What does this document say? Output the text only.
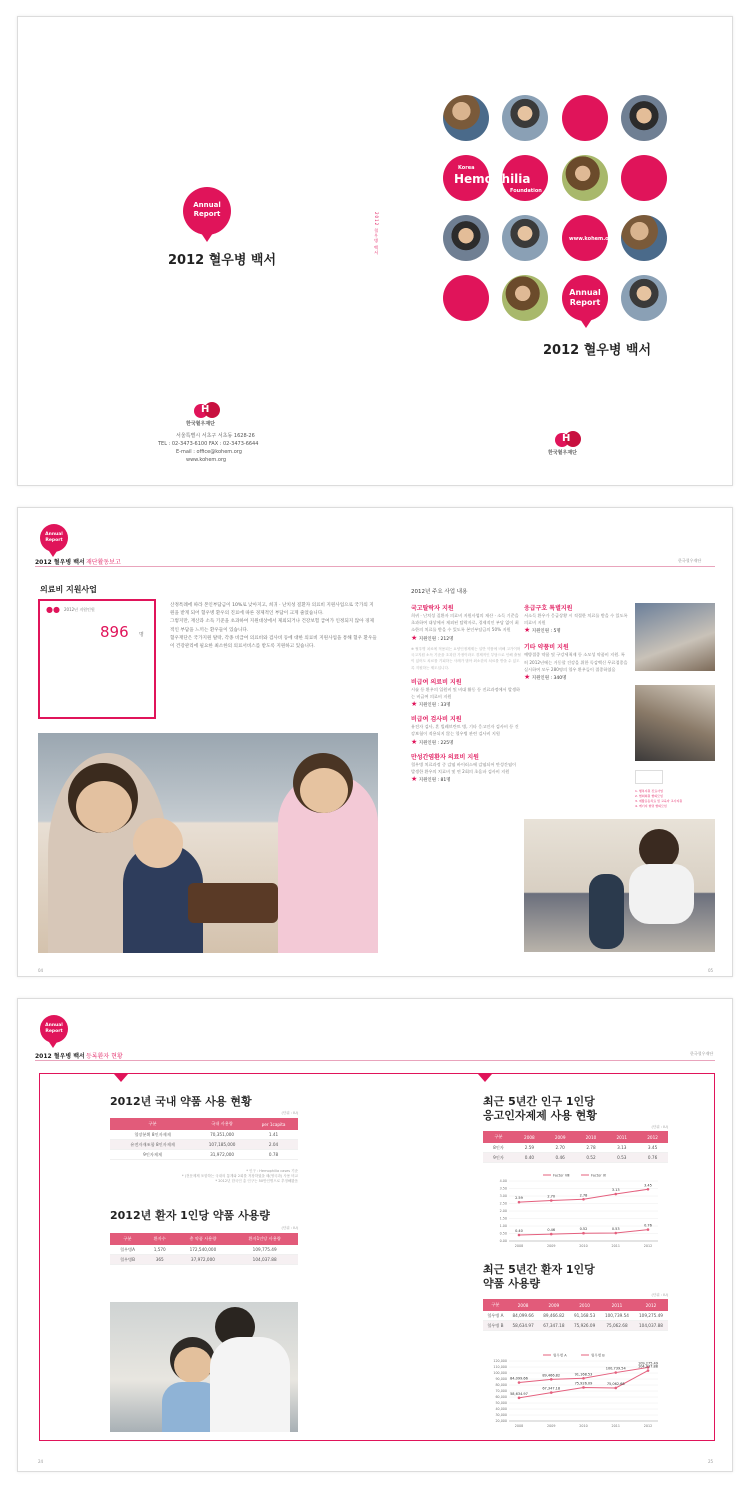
Annual
Report
2012 혈우병 백서
H
한국혈우재단
서울특별시 서초구 서초동 1628-26
TEL : 02-3473-6100 FAX : 02-3473-6644
E-mail : office@kohem.org
www.kohem.org
2012 혈우병 백서
Korea
Hemophilia
Foundation
www.kohem.org
Annual
Report
2012 혈우병 백서
H
한국혈우재단
Annual
Report
2012 혈우병 백서 재단활동보고	한국혈우재단
의료비 지원사업
●● 2012년 지원인원
896 명
산정특례에 따라 본인부담금이 10%로 낮아지고, 희귀 · 난치성 질환자 의료비 지원사업으로 국가의 지원을 받게 되어 혈우병 환우의 진료에 따른 경제적인 부담이 크게 줄었습니다.
그렇지만, 재산과 소득 기준을 초과하여 지원대상에서 제외되거나 건강보험 급여가 인정되지 않아 경제적인 부담을 느끼는 환우들이 있습니다.
혈우재단은 국가지원 탈락, 각종 비급여 의료비와 검사비 등에 대한 의료비 지원사업을 통해 혈우 환우들이 건강관리에 필요한 최소한의 의료서비스를 받도록 지원하고 있습니다.
04
2012년 주요 사업 내용
국고탈락자 지원
희귀 · 난치성 질환자 의료비 지원사업의 재산 · 소득 기준을 초과하여 대상에서 제외된 탈락자로, 경제적인 부담 없이 최소한의 치료를 받을 수 있도록 본인부담금의 50% 지원
★ 지원인원 : 212명
※ 혈우병 치료에 적용되는 요양인정제제는 일반 약품에 비해 고가이며 국고지원 소득 기준을 초과한 가정이라도 경제적인 부담으로 인해 출혈이 있어도 치료를 기피하는 사례가 많아 최소한의 치료를 받을 수 있도록 지원하는 제도입니다.
비급여 의료비 지원
시술 등 환우의 입원비 및 비대 활동 등 진료과정에서 발생하는 비급여 의료비 지원
★ 지원인원 : 33명
비급여 검사비 지원
유전자 검사, 혼 빌레브란트 병, 기타 응고인자 검사비 등 건강보험이 적용되지 않는 혈우병 관련 검사비 지원
★ 지원인원 : 225명
만성간염환자 의료비 지원
혈우병 치료과정 중 감염 바이러스에 감염되어 만성간염이 발생한 환우의 치료비 및 연 2회의 초음파 검사비 지원
★ 지원인원 : 81명
응급구호 특별지원
서소득 환우가 응급상황 시 적절한 치료를 받을 수 있도록 의료비 지원
★ 지원인원 : 5명
기타 약품비 지원
예방접종 약품 및 구강세척제 등 소모성 약품비 지원. 특히 2012년에는 거동할 건강을 위한 독감백신 무료접종을 실시하여 모두 280명의 혈우 환우들이 접종하였음
★ 지원인원 : 340명
1. 행복지원 진료사업
2. 협회회원 협의모임
3. 재활운동치료 및 교육자 교사지원
4. 에너지 현명 협의모임
05
Annual
Report
2012 혈우병 백서 등록환자 현황	한국혈우재단
2012년 국내 약품 사용 현황
(단위 : IU)
구분	국내 사용량	per 1capita
혈장분획 8인자제제	70,351,000	1.41
유전자재조합 8인자제제	107,185,000	2.04
9인자제제	31,972,000	0.78
* 인구 : Hemophilia cases 기준
* (전문제제 포함하는 국내의 통계와 2회를 저장하였을 때(영국과) 사용 비교
* 2012년 한국인 총 인구는 50만인명으로 추정해봤음
2012년 환자 1인당 약품 사용량
(단위 : IU)
구분	환자수	총 약품 사용량	환자1인당 사용량
혈우병A	1,570	172,540,000	109,775.49
혈우병B	365	37,972,000	104,037.88
24
최근 5년간 인구 1인당
응고인자제제 사용 현황
(단위 : IU)
구분	2008	2009	2010	2011	2012
8인자	2.59	2.70	2.78	3.13	3.45
9인자	0.40	0.46	0.52	0.53	0.76
Factor Ⅷ	Factor Ⅸ
4.00
3.50
3.00
2.50
2.00
1.50
1.00
0.50
0.00
2008	2009	2010	2011	2012
2.59	2.70	2.78
3.13
3.45
0.40	0.46	0.52	0.53
0.76
최근 5년간 환자 1인당
약품 사용량
(단위 : IU)
구분	2008	2009	2010	2011	2012
혈우병 A	84,099.66	89,466.82	91,168.53	100,739.54	109,275.49
혈우병 B	58,634.97	67,347.18	75,926.09	75,062.68	104,037.88
혈우병 A	혈우병 B
120,000
110,000
100,000
90,000
80,000
70,000
60,000
50,000
40,000
30,000
20,000
2008	2009	2010	2011	2012
84,099.66
89,466.82	91,168.53
100,739.54
109,275.49
58,634.97
67,347.18
75,926.09	75,062.68
104,037.88
25
